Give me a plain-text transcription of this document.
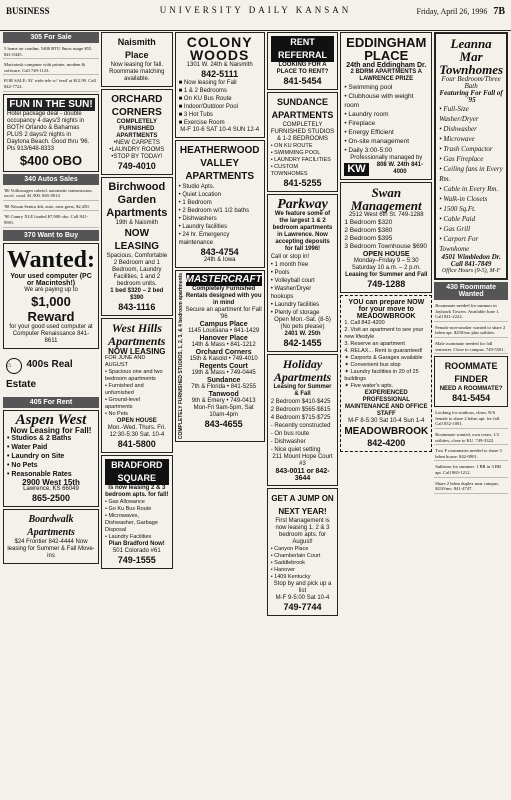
BUSINESS	UNIVERSITY DAILY KANSAN	Friday, April 26, 1996 7B
305 For Sale
5 home air condtnr, 5400 BTU 8mos usage $55. 841-0445.
Macintosh computer with printer, modem & software. Call 749-1123.
FOR SALE: 92' wide tele w/ 'read' at $12.99. Call 842-7722.
FUN IN THE SUN!
Hotel package deal - double occupancy 4 days/3 nights in BOTH Orlando & Bahamas PLUS 2 days/2 nights in Daytona Beach. Good thru '96. Pls 913/648-8333
$400 OBO
340 Autos Sales
'86 Volkswagen cabriol. automatic transmission, excel. cond. $1,900. 865-0014
'88 Nissan Sentra 4dr, auto, runs great, $2,450.
'90 Camry XLE loaded $7,900 obo. Call 841-9901.
370 Want to Buy
Wanted:
Your used computer (PC or Macintosh!)
We are paying up to
$1,000 Reward
for your good used computer at Computer Renaissance 841-8611
⌂ 400s Real Estate
405 For Rent
Aspen West
Now Leasing for Fall!
• Studios & 2 Baths
• Water Paid
• Laundry on Site
• No Pets
• Reasonable Rates
2900 West 15th
Lawrence, KS 66049
865-2500
Boardwalk Apartments
$24 Frontier 842-4444 Now leasing for Summer & Fall Move-ins
Naismith Place
Now leasing for fall. Roommate matching available.
ORCHARD CORNERS
COMPLETELY FURNISHED APARTMENTS
•NEW CARPETS
•LAUNDRY ROOMS
•STOP BY TODAY!
749-4010
Birchwood Garden Apartments
19th & Naismith
NOW LEASING
Spacious, Comfortable 2 Bedroom and 1 Bedroom, Laundry Facilities, 1 and 2 bedroom units.
1 bed $320 – 2 bed $390
843-1116
West Hills Apartments
NOW LEASING
FOR JUNE AND AUGUST
• Spacious one and two bedroom apartments
• Furnished and unfurnished
• Ground-level apartments
• No Pets
OPEN HOUSE
Mon.-Wed. Thurs. Fri. 12:30-5:30 Sat. 10-4
841-5800
BRADFORD SQUARE
Is now leasing 2 & 3 bedroom apts. for fall!
• Gas Allowance
• Go Ku Bus Route
• Microwaves, Dishwasher, Garbage Disposal
• Laundry Facilities
Plan Bradford Now!
501 Colorado #61
749-1555
COLONY WOODS
1301 W. 24th & Naismith
842-5111
■ Now leasing for Fall
■ 1 & 2 Bedrooms
■ On KU Bus Route
■ Indoor/Outdoor Pool
■ 3 Hot Tubs
■ Exercise Room
M-F 10-6 SAT 10-4 SUN 12-4
HEATHERWOOD VALLEY APARTMENTS
• Studio Apts.
• Quiet Location
• 1 Bedroom
• 2 Bedroom w/1 1/2 baths
• Dishwashers
• Laundry facilities
• 24 hr. Emergency maintenance
843-4754
24th & Iowa
COMPLETELY FURNISHED STUDIOS, 1, 2, 3, & 4 bedroom apartments MASTERCRAFT
Completely Furnished Rentals designed with you in mind
Secure an apartment for Fall '96
Campus Place
1145 Louisiana • 841-1429
Hanover Place
14th & Mass • 841-1212
Orchard Corners
15th & Kasold • 749-4010
Regents Court
19th & Mass • 749-0445
Sundance
7th & Florida • 841-5255
Tanwood
9th & Emery • 749-0413
Mon-Fri 9am-5pm, Sat 10am-4pm
843-4655
RENT REFERRAL
LOOKING FOR A PLACE TO RENT?
841-5454
SUNDANCE APARTMENTS
COMPLETELY FURNISHED STUDIOS & 1-2 BEDROOMS
• ON KU ROUTE
• SWIMMING POOL
• LAUNDRY FACILITIES
• CUSTOM TOWNHOMES
841-5255
Parkway
We feature some of the largest 1 & 2 bedroom apartments in Lawrence. Now accepting deposits for fall 1996!
Call or stop in!
• 1 month free
• Pools
• Volleyball court
• Washer/Dryer hookups
• Laundry facilities
• Plenty of storage
Open Mon.-Sat. (8-5) (No pets please)
2401 W. 25th
842-1455
Holiday Apartments
Leasing for Summer & Fall
2 Bedroom $410-$425
2 Bedroom $565-$615
4 Bedroom $715-$725
- Recently constructed
- On bus route
- Dishwasher
- Nice quiet setting
211 Mount Hope Court #3
843-0011 or 842-3644
GET A JUMP ON NEXT YEAR!
First Management is now leasing 1, 2 & 3 bedroom apts. for August!
• Canyon Place
• Chamberlain Court
• Saddlebrook
• Hanover
• 1409 Kentucky
Stop by and pick up a list
M-F 9-5:00 Sat 10-4
749-7744
EDDINGHAM PLACE
24th and Eddingham Dr.
2 BDRM APARTMENTS A LAWRENCE PRIZE
• Swimming pool
• Clubhouse with weight room
• Laundry room
• Fireplace
• Energy Efficient
• On-site management
• Daily 3:00-5:00
Professionally managed by
KW	808 W. 24th 841-4000
Swan Management
2512 West 6th St. 749-1288
1 Bedroom $320
2 Bedroom $380
2 Bedroom $395
3 Bedroom Townhouse $690
OPEN HOUSE
Monday–Friday 9 – 5:30 Saturday 10 a.m. – 2 p.m.
Leasing for Summer and Fall
749-1288
YOU can prepare NOW for your move to MEADOWBROOK
1. Call 842-4200
2. Visit an apartment to see your new lifestyle
3. Reserve an apartment
4. RELAX... Rent is guaranteed!
✦ Carports & Garages available
✦ Convenient bus stop
✦ Laundry facilities in 20 of 25 buildings
✦ Five water's apts.
EXPERIENCED PROFESSIONAL MAINTENANCE AND OFFICE STAFF
M-F 8-5:30 Sat 10-4 Sun 1-4
MEADOWBROOK
842-4200
Leanna Mar Townhomes
Four Bedroom/Three Bath
Featuring For Fall of '95
• Full-Size Washer/Dryer
• Dishwasher
• Microwave
• Trash Compactor
• Gas Fireplace
• Ceiling fans in Every Rm.
• Cable in Every Rm.
• Walk-in Closets
• 1500 Sq.Ft.
• Cable Paid
• Gas Grill
• Carport For Townhome
4501 Wimbledon Dr.
Call 841-7849
Office Hours (9-5), M-F
430 Roommate Wanted
Roommate needed for summer in Jayhawk Towers. Available June 1. Call 841-2222.
Female non-smoker wanted to share 2 bdrm apt. $250/mo plus utilities.
Male roommate needed for fall semester. Close to campus. 749-5501.
ROOMMATE FINDER
NEED A ROOMMATE?
841-5454
Looking for studious, clean, N/S female to share 2 bdrm apt. for fall. Call 832-1001.
Roommate wanted, own room, 1/2 utilities, close to KU. 749-3322.
Two F roommates needed to share 3 bdrm house. 842-0901.
Sublease for summer. 1 BR in 3 BR apt. Call 865-1212.
Share 2 bdrm duplex near campus, $210/mo. 841-4747.
